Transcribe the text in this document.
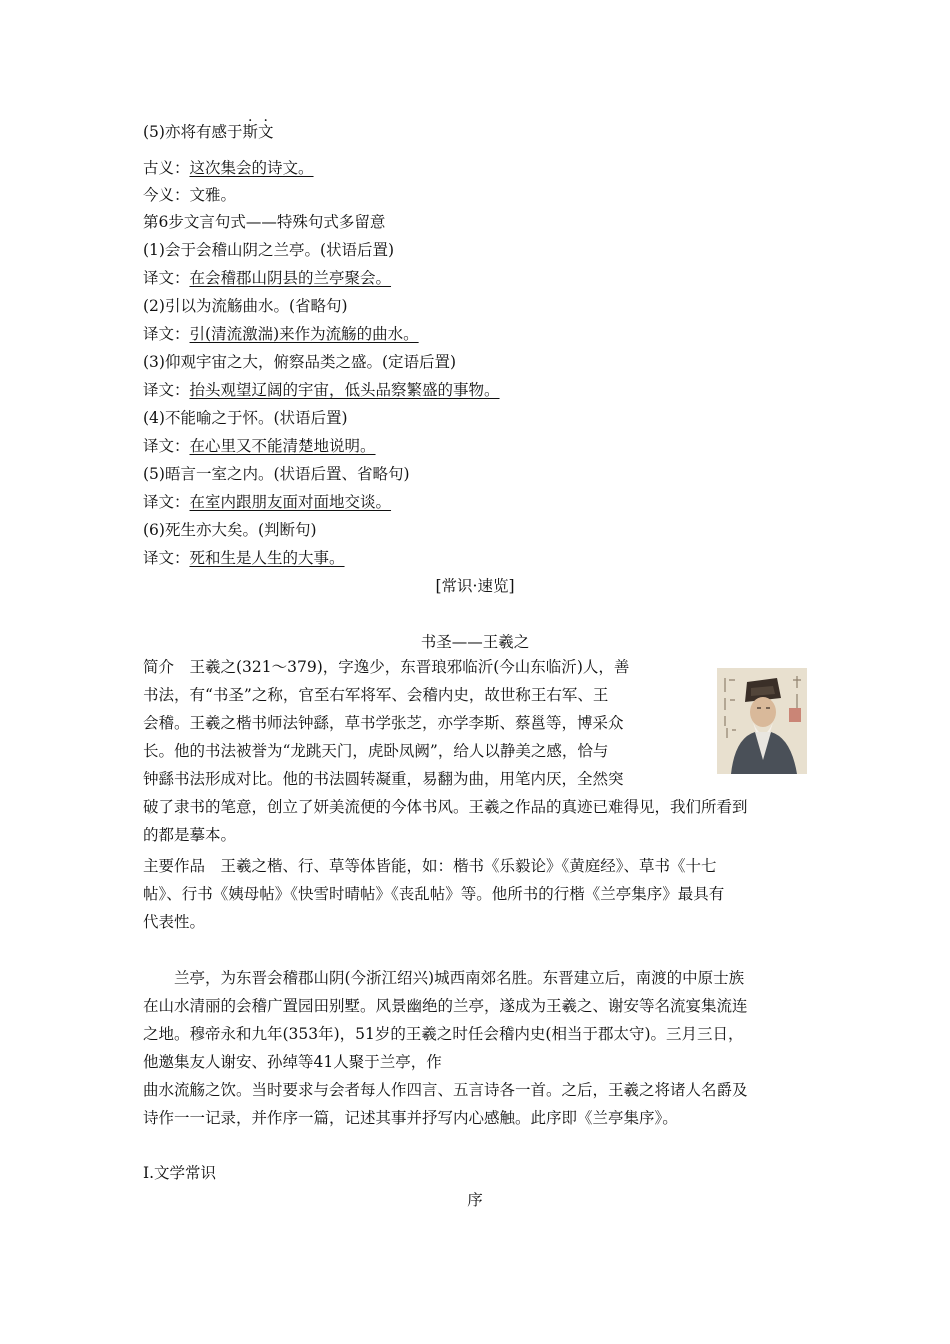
(5)亦将有感于斯文
古义：这次集会的诗文。
今义：文雅。
第6步文言句式——特殊句式多留意
(1)会于会稽山阴之兰亭。(状语后置)
译文：在会稽郡山阴县的兰亭聚会。
(2)引以为流觞曲水。(省略句)
译文：引(清流激湍)来作为流觞的曲水。
(3)仰观宇宙之大，俯察品类之盛。(定语后置)
译文：抬头观望辽阔的宇宙，低头品察繁盛的事物。
(4)不能喻之于怀。(状语后置)
译文：在心里又不能清楚地说明。
(5)晤言一室之内。(状语后置、省略句)
译文：在室内跟朋友面对面地交谈。
(6)死生亦大矣。(判断句)
译文：死和生是人生的大事。
[常识·速览]
书圣——王羲之
简介　王羲之(321～379)，字逸少，东晋琅邪临沂(今山东临沂)人，善
书法，有“书圣”之称，官至右军将军、会稽内史，故世称王右军、王
会稽。王羲之楷书师法钟繇，草书学张芝，亦学李斯、蔡邕等，博采众
长。他的书法被誉为“龙跳天门，虎卧凤阙”，给人以静美之感，恰与
钟繇书法形成对比。他的书法圆转凝重，易翻为曲，用笔内厌，全然突
破了隶书的笔意，创立了妍美流便的今体书风。王羲之作品的真迹已难得见，我们所看到
的都是摹本。
主要作品　王羲之楷、行、草等体皆能，如：楷书《乐毅论》《黄庭经》、草书《十七
帖》、行书《姨母帖》《快雪时晴帖》《丧乱帖》等。他所书的行楷《兰亭集序》最具有
代表性。
　　兰亭，为东晋会稽郡山阴(今浙江绍兴)城西南郊名胜。东晋建立后，南渡的中原士族
在山水清丽的会稽广置园田别墅。风景幽绝的兰亭，遂成为王羲之、谢安等名流宴集流连
之地。穆帝永和九年(353年)，51岁的王羲之时任会稽内史(相当于郡太守)。三月三日，
他邀集友人谢安、孙绰等41人聚于兰亭，作
曲水流觞之饮。当时要求与会者每人作四言、五言诗各一首。之后，王羲之将诸人名爵及
诗作一一记录，并作序一篇，记述其事并抒写内心感触。此序即《兰亭集序》。
Ⅰ.文学常识
序
